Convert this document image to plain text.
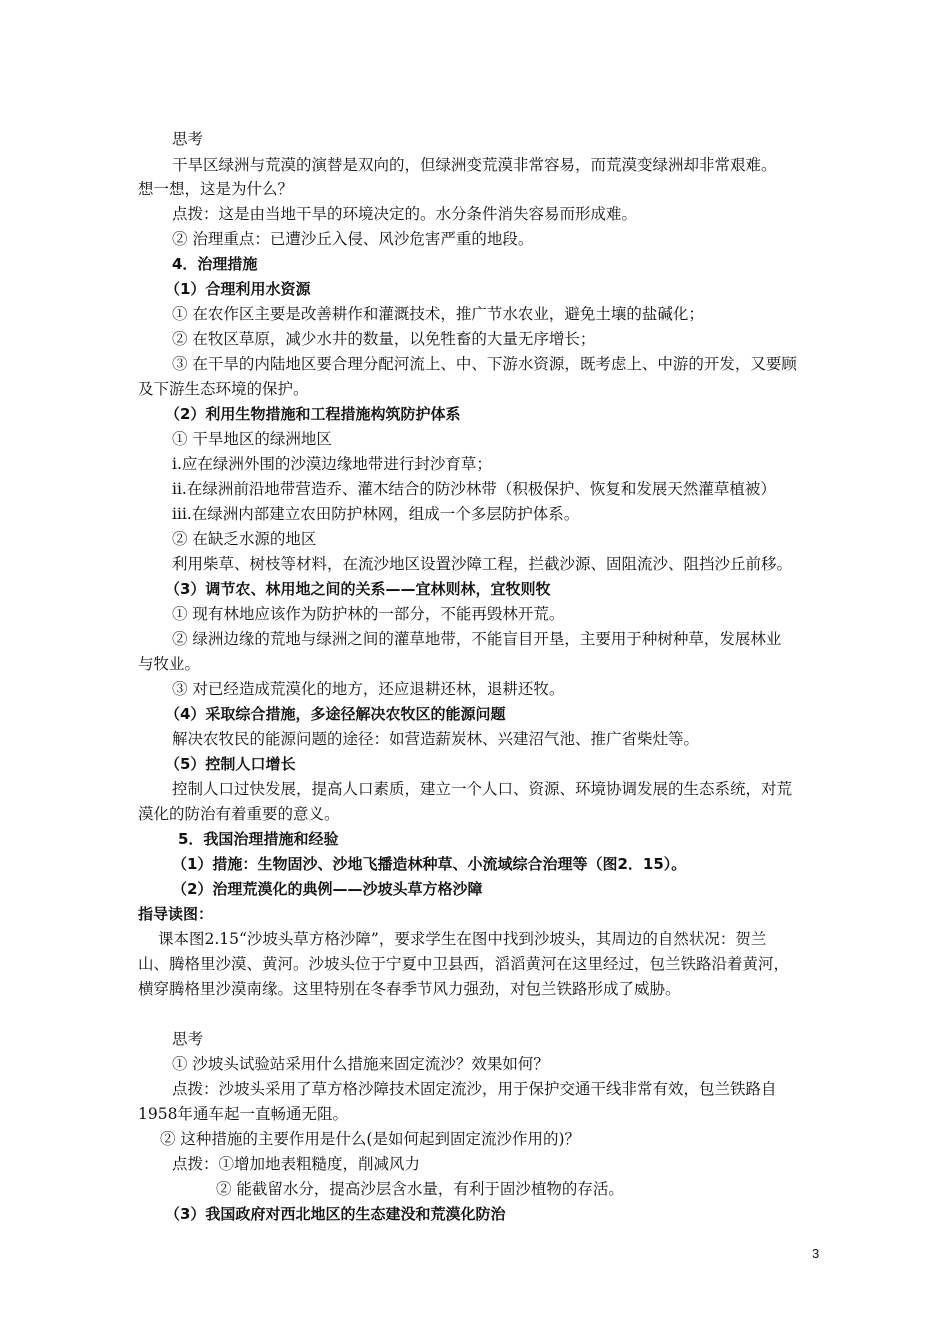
思考
干旱区绿洲与荒漠的演替是双向的，但绿洲变荒漠非常容易，而荒漠变绿洲却非常艰难。
想一想，这是为什么？
点拨：这是由当地干旱的环境决定的。水分条件消失容易而形成难。
② 治理重点：已遭沙丘入侵、风沙危害严重的地段。
4．治理措施
（1）合理利用水资源
① 在农作区主要是改善耕作和灌溉技术，推广节水农业，避免土壤的盐碱化；
② 在牧区草原，减少水井的数量，以免牲畜的大量无序增长；
③ 在干旱的内陆地区要合理分配河流上、中、下游水资源，既考虑上、中游的开发，又要顾
及下游生态环境的保护。
（2）利用生物措施和工程措施构筑防护体系
① 干旱地区的绿洲地区
ⅰ.应在绿洲外围的沙漠边缘地带进行封沙育草；
ⅱ.在绿洲前沿地带营造乔、灌木结合的防沙林带（积极保护、恢复和发展天然灌草植被）
ⅲ.在绿洲内部建立农田防护林网，组成一个多层防护体系。
② 在缺乏水源的地区
利用柴草、树枝等材料，在流沙地区设置沙障工程，拦截沙源、固阻流沙、阻挡沙丘前移。
（3）调节农、林用地之间的关系——宜林则林，宜牧则牧
① 现有林地应该作为防护林的一部分，不能再毁林开荒。
② 绿洲边缘的荒地与绿洲之间的灌草地带，不能盲目开垦，主要用于种树种草，发展林业
与牧业。
③ 对已经造成荒漠化的地方，还应退耕还林，退耕还牧。
（4）采取综合措施，多途径解决农牧区的能源问题
解决农牧民的能源问题的途径：如营造薪炭林、兴建沼气池、推广省柴灶等。
（5）控制人口增长
控制人口过快发展，提高人口素质，建立一个人口、资源、环境协调发展的生态系统，对荒
漠化的防治有着重要的意义。
5．我国治理措施和经验
（1）措施：生物固沙、沙地飞播造林种草、小流域综合治理等（图2．15）。
（2）治理荒漠化的典例——沙坡头草方格沙障
指导读图：
课本图2.15“沙坡头草方格沙障”，要求学生在图中找到沙坡头，其周边的自然状况：贺兰
山、腾格里沙漠、黄河。沙坡头位于宁夏中卫县西，滔滔黄河在这里经过，包兰铁路沿着黄河，
横穿腾格里沙漠南缘。这里特别在冬春季节风力强劲，对包兰铁路形成了威胁。
思考
① 沙坡头试验站采用什么措施来固定流沙？效果如何？
点拨：沙坡头采用了草方格沙障技术固定流沙，用于保护交通干线非常有效，包兰铁路自
1958年通车起一直畅通无阻。
② 这种措施的主要作用是什么(是如何起到固定流沙作用的)？
点拨：①增加地表粗糙度，削减风力
② 能截留水分，提高沙层含水量，有利于固沙植物的存活。
（3）我国政府对西北地区的生态建没和荒漠化防治
3
